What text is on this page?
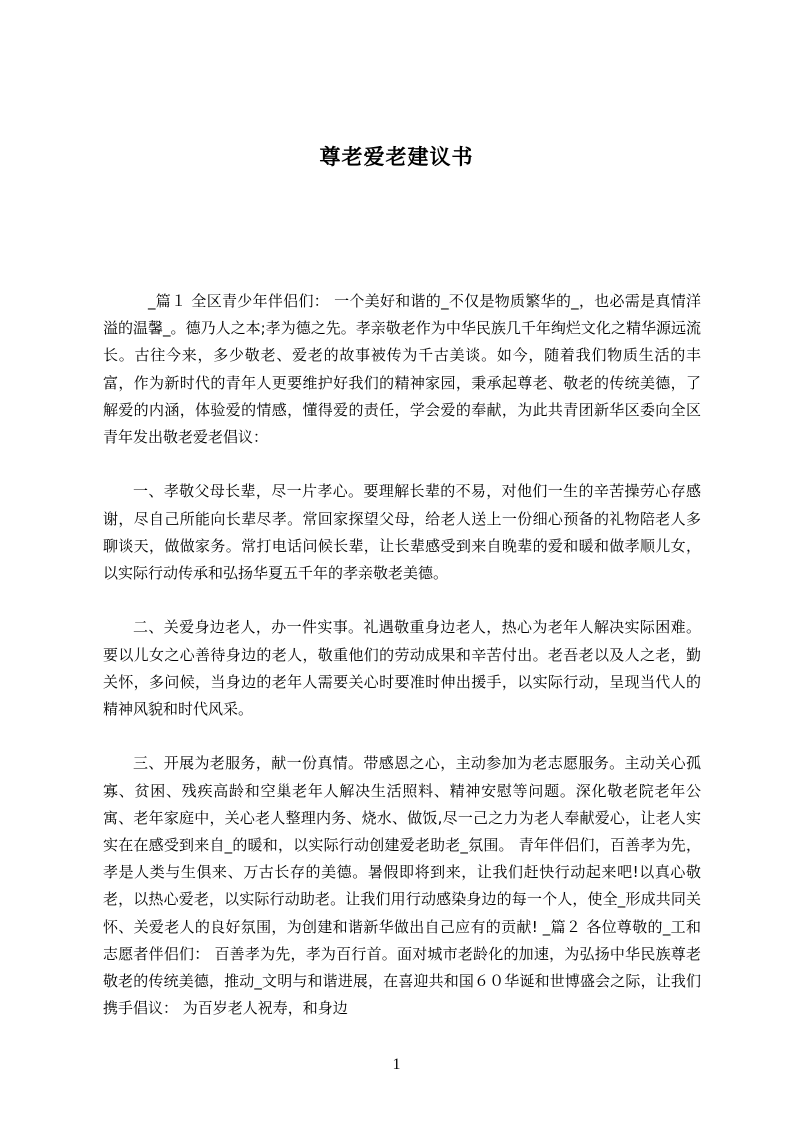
尊老爱老建议书

_篇１ 全区青少年伴侣们： 一个美好和谐的_不仅是物质繁华的_，也必需是真情洋溢的温馨_。德乃人之本;孝为德之先。孝亲敬老作为中华民族几千年绚烂文化之精华源远流长。古往今来，多少敬老、爱老的故事被传为千古美谈。如今，随着我们物质生活的丰富，作为新时代的青年人更要维护好我们的精神家园，秉承起尊老、敬老的传统美德，了解爱的内涵，体验爱的情感，懂得爱的责任，学会爱的奉献，为此共青团新华区委向全区青年发出敬老爱老倡议：

一、孝敬父母长辈，尽一片孝心。要理解长辈的不易，对他们一生的辛苦操劳心存感谢，尽自己所能向长辈尽孝。常回家探望父母，给老人送上一份细心预备的礼物陪老人多聊谈天，做做家务。常打电话问候长辈，让长辈感受到来自晚辈的爱和暖和做孝顺儿女，以实际行动传承和弘扬华夏五千年的孝亲敬老美德。

二、关爱身边老人，办一件实事。礼遇敬重身边老人，热心为老年人解决实际困难。要以儿女之心善待身边的老人，敬重他们的劳动成果和辛苦付出。老吾老以及人之老，勤关怀，多问候，当身边的老年人需要关心时要准时伸出援手，以实际行动，呈现当代人的精神风貌和时代风采。

三、开展为老服务，献一份真情。带感恩之心，主动参加为老志愿服务。主动关心孤寡、贫困、残疾高龄和空巢老年人解决生活照料、精神安慰等问题。深化敬老院老年公寓、老年家庭中，关心老人整理内务、烧水、做饭,尽一己之力为老人奉献爱心，让老人实实在在感受到来自_的暖和，以实际行动创建爱老助老_氛围。 青年伴侣们，百善孝为先，孝是人类与生俱来、万古长存的美德。暑假即将到来，让我们赶快行动起来吧!以真心敬老，以热心爱老，以实际行动助老。让我们用行动感染身边的每一个人，使全_形成共同关怀、关爱老人的良好氛围，为创建和谐新华做出自己应有的贡献! _篇２ 各位尊敬的_工和志愿者伴侣们： 百善孝为先，孝为百行首。面对城市老龄化的加速，为弘扬中华民族尊老敬老的传统美德，推动_文明与和谐进展，在喜迎共和国６０华诞和世博盛会之际，让我们携手倡议： 为百岁老人祝寿，和身边

1
